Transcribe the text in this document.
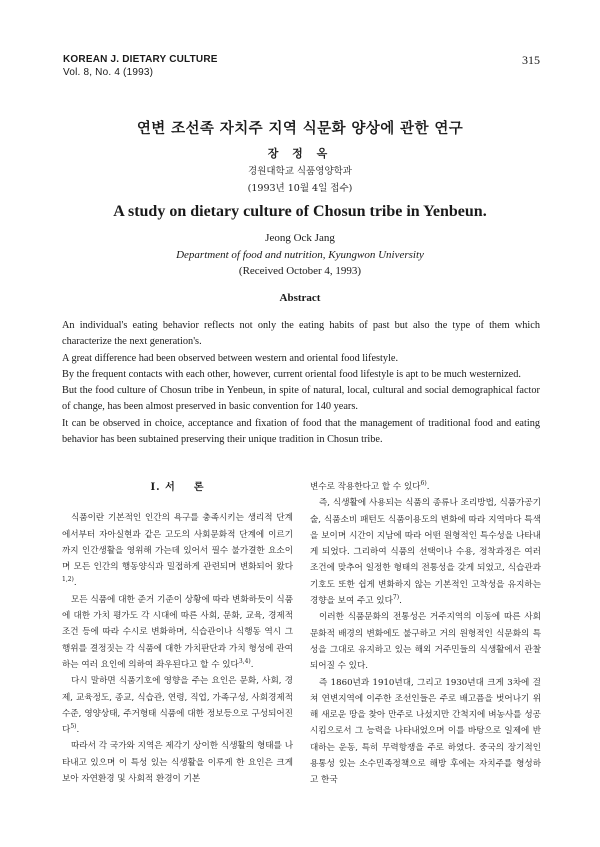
KOREAN J. DIETARY CULTURE
Vol. 8, No. 4 (1993)
315
연변 조선족 자치주 지역 식문화 양상에 관한 연구
장 정 옥
경원대학교 식품영양학과
(1993년 10월 4일 접수)
A study on dietary culture of Chosun tribe in Yenbeun.
Jeong Ock Jang
Department of food and nutrition, Kyungwon University
(Received October 4, 1993)
Abstract

An individual's eating behavior reflects not only the eating habits of past but also the type of them which characterize the next generation's.

A great difference had been observed between western and oriental food lifestyle.

By the frequent contacts with each other, however, current oriental food lifestyle is apt to be much westernized.

But the food culture of Chosun tribe in Yenbeun, in spite of natural, local, cultural and social demographical factor of change, has been almost preserved in basic convention for 140 years.

It can be observed in choice, acceptance and fixation of food that the management of traditional food and eating behavior has been subtained preserving their unique tradition in Chosun tribe.

I. 서 론

식품이란 기본적인 인간의 욕구를 충족시키는 생리적 단계에서부터 자아실현과 같은 고도의 사회문화적 단계에 이르기까지 인간생활을 영위해 가는데 있어서 필수 불가결한 요소이며 모든 인간의 행동양식과 밀접하게 관련되며 변화되어 왔다$^{1,2)}$.

모든 식품에 대한 준거 기준이 상황에 따라 변화하듯이 식품에 대한 가치 평가도 각 시대에 따른 사회, 문화, 교육, 경제적 조건 등에 따라 수시로 변화하며, 식습관이나 식행동 역시 그 행위를 결정짓는 각 식품에 대한 가치판단과 가치 형성에 관여하는 여러 요인에 의하여 좌우된다고 할 수 있다$^{3,4)}$.

다시 말하면 식품기호에 영향을 주는 요인은 문화, 사회, 경제, 교육정도, 종교, 식습관, 연령, 직업, 가족구성, 사회경제적 수준, 영양상태, 주거형태 식품에 대한 정보등으로 구성되어진다$^{5)}$.

따라서 각 국가와 지역은 제각기 상이한 식생활의 형태를 나타내고 있으며 이 특성 있는 식생활을 이루게 한 요인은 크게 보아 자연환경 및 사회적 환경이 기본

변수로 작용한다고 할 수 있다$^{6)}$.

즉, 식생활에 사용되는 식품의 종류나 조리방법, 식품가공기술, 식품소비 패턴도 식품이용도의 변화에 따라 지역마다 특색을 보이며 시간이 지남에 따라 어떤 원형적인 특수성을 나타내게 되었다. 그리하여 식품의 선택이나 수용, 정착과정은 여러 조건에 맞추어 일정한 형태의 전통성을 갖게 되었고, 식습관과 기호도 또한 쉽게 변화하지 않는 기본적인 고착성을 유지하는 경향을 보여 주고 있다$^{7)}$.

이러한 식품문화의 전통성은 거주지역의 이동에 따른 사회 문화적 배경의 변화에도 불구하고 거의 원형적인 식문화의 특성을 그대로 유지하고 있는 해외 거주민들의 식생활에서 관찰되어질 수 있다.

즉 1860년과 1910년대, 그리고 1930년대 크게 3차에 걸쳐 연변지역에 이주한 조선인들은 주로 배고픔을 벗어나기 위해 새로운 땅을 찾아 만주로 나섰지만 간척지에 벼농사를 성공시킴으로서 그 능력을 나타내었으며 이를 바탕으로 일제에 반대하는 운동, 특히 무력항쟁을 주로 하였다. 중국의 장기적인 용통성 있는 소수민족정책으로 해방 후에는 자치주를 형성하고 한국
